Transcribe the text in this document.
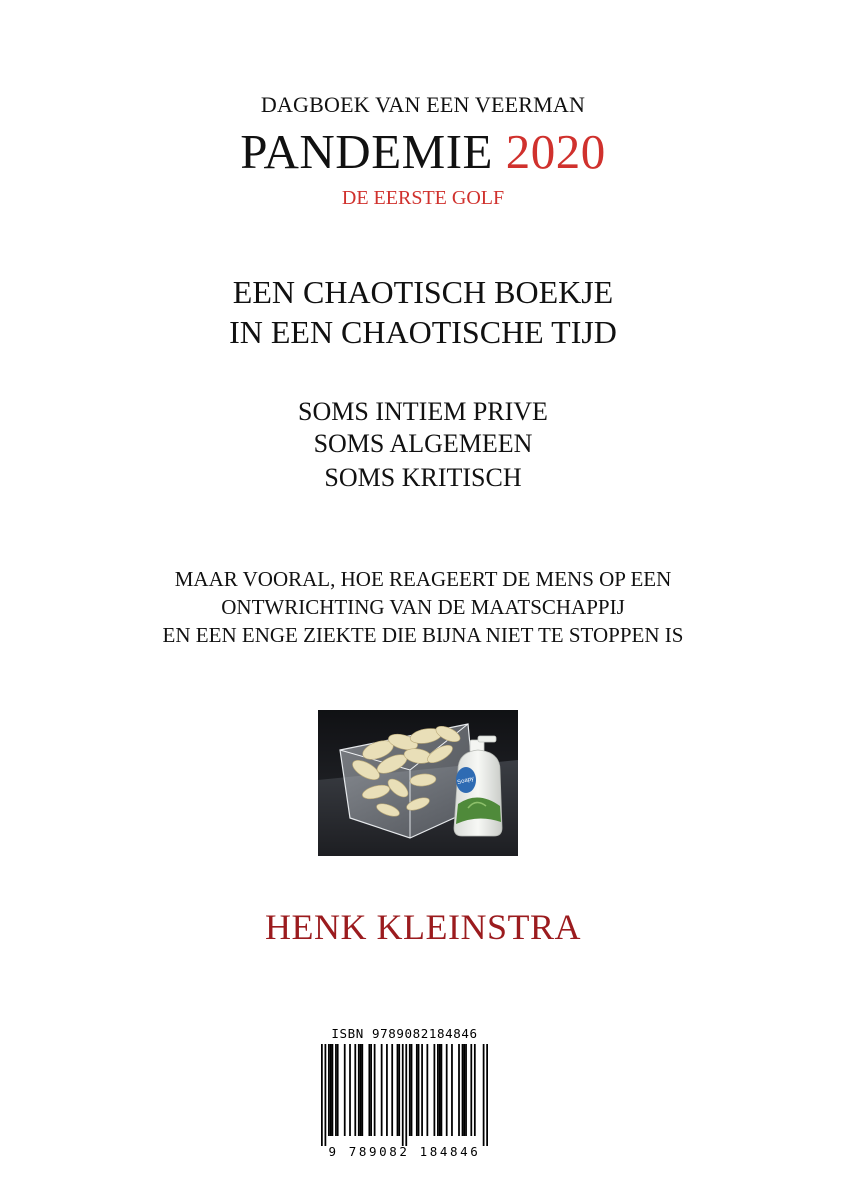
DAGBOEK VAN EEN VEERMAN
PANDEMIE 2020
DE EERSTE GOLF
EEN CHAOTISCH BOEKJE
IN EEN CHAOTISCHE TIJD
SOMS INTIEM PRIVE
SOMS ALGEMEEN
SOMS KRITISCH
MAAR VOORAL, HOE REAGEERT DE MENS OP EEN
ONTWRICHTING VAN DE MAATSCHAPPIJ
EN EEN ENGE ZIEKTE DIE BIJNA NIET TE STOPPEN IS
Soapy
HENK KLEINSTRA
ISBN 9789082184846
9 789082 184846
